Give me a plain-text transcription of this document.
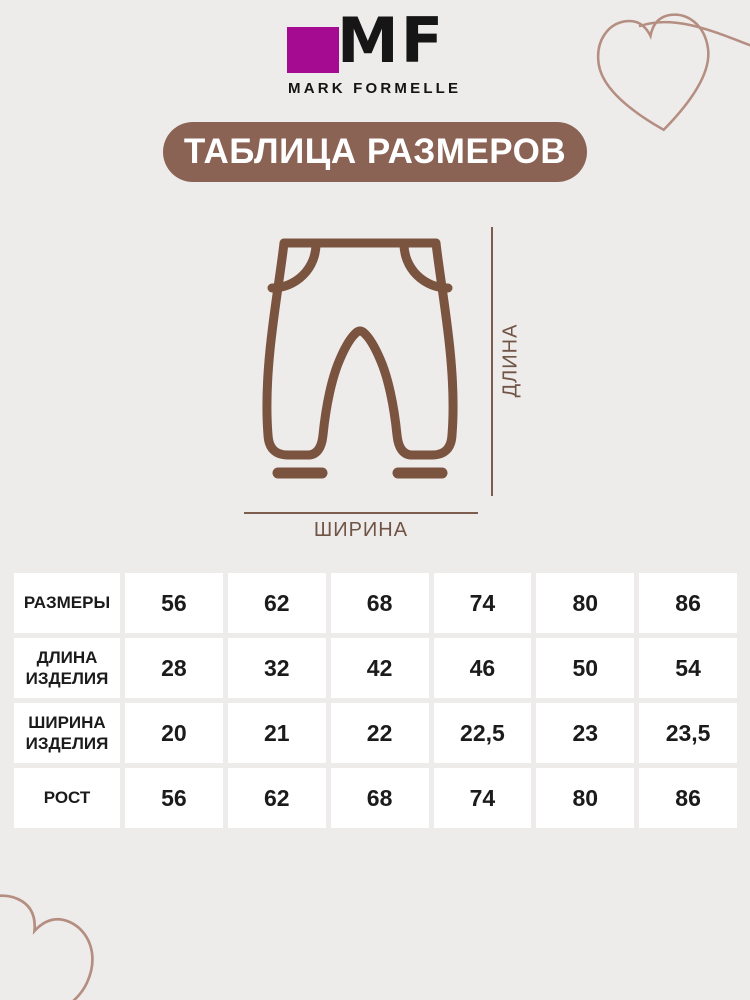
MF
MARK FORMELLE
ТАБЛИЦА РАЗМЕРОВ
ДЛИНА
ШИРИНА
РАЗМЕРЫ	56	62	68	74	80	86
ДЛИНА ИЗДЕЛИЯ	28	32	42	46	50	54
ШИРИНА ИЗДЕЛИЯ	20	21	22	22,5	23	23,5
РОСТ	56	62	68	74	80	86
